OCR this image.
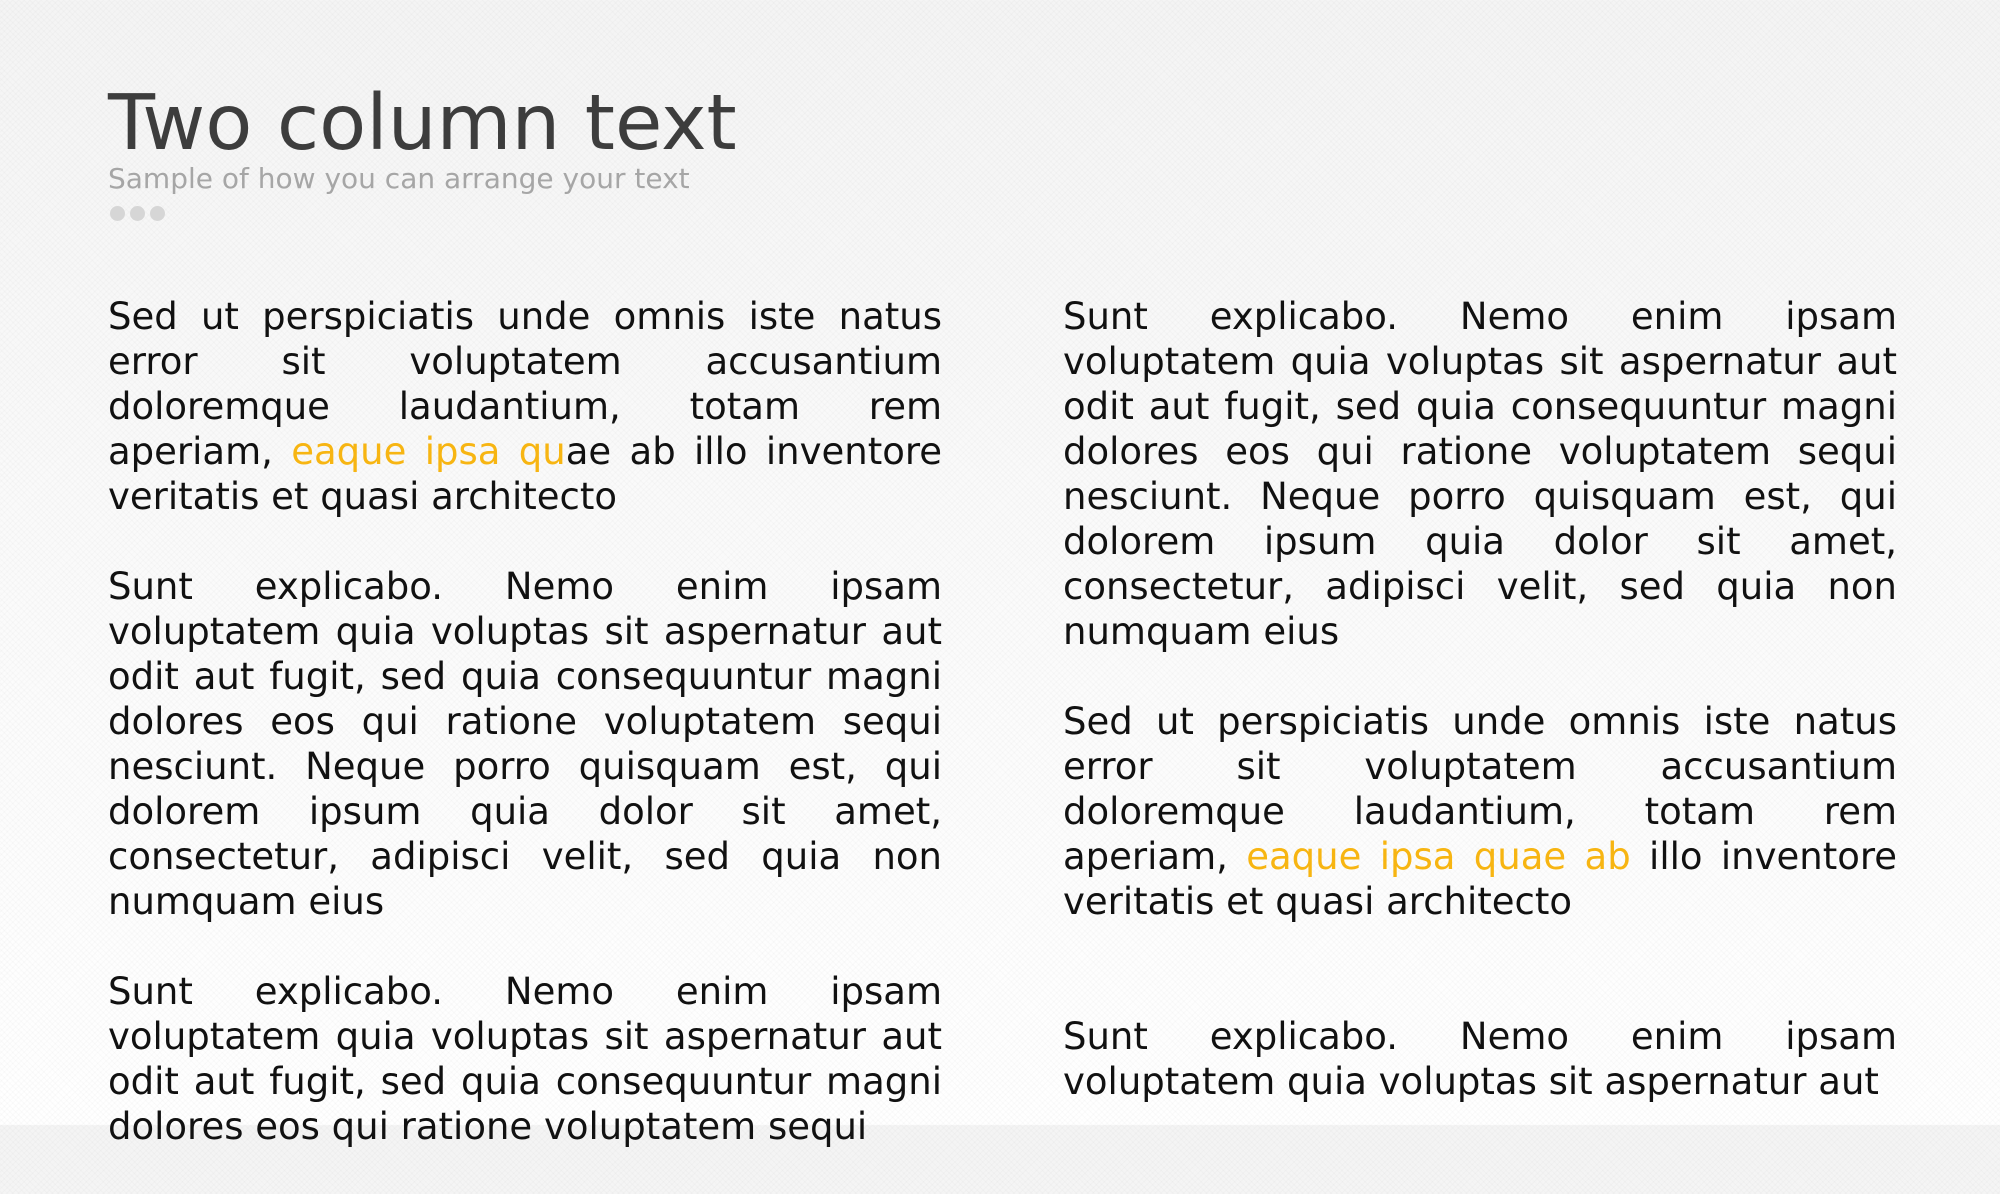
Two column text
Sample of how you can arrange your text

Sed ut perspiciatis unde omnis iste natus error sit voluptatem accusantium doloremque laudantium, totam rem aperiam, eaque ipsa quae ab illo inventore veritatis et quasi architecto

Sunt explicabo. Nemo enim ipsam voluptatem quia voluptas sit aspernatur aut odit aut fugit, sed quia consequuntur magni dolores eos qui ratione voluptatem sequi nesciunt. Neque porro quisquam est, qui dolorem ipsum quia dolor sit amet, consectetur, adipisci velit, sed quia non numquam eius

Sunt explicabo. Nemo enim ipsam voluptatem quia voluptas sit aspernatur aut odit aut fugit, sed quia consequuntur magni dolores eos qui ratione voluptatem sequi

Sunt explicabo. Nemo enim ipsam voluptatem quia voluptas sit aspernatur aut odit aut fugit, sed quia consequuntur magni dolores eos qui ratione voluptatem sequi nesciunt. Neque porro quisquam est, qui dolorem ipsum quia dolor sit amet, consectetur, adipisci velit, sed quia non numquam eius

Sed ut perspiciatis unde omnis iste natus error sit voluptatem accusantium doloremque laudantium, totam rem aperiam, eaque ipsa quae ab illo inventore veritatis et quasi architecto

Sunt explicabo. Nemo enim ipsam voluptatem quia voluptas sit aspernatur aut
